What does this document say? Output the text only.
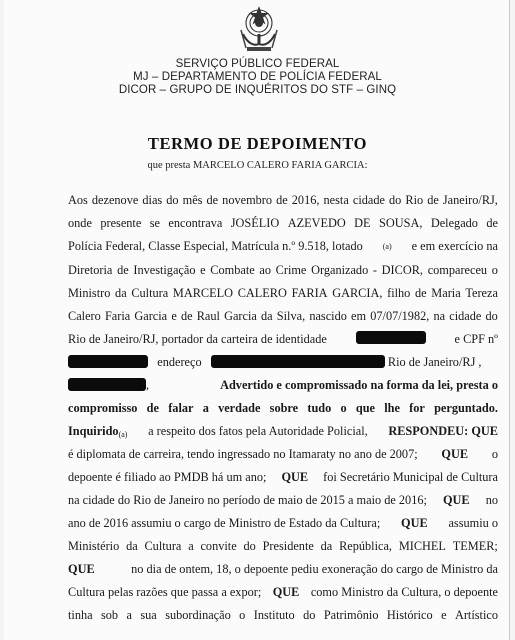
SERVIÇO PÚBLICO FEDERAL
MJ – DEPARTAMENTO DE POLÍCIA FEDERAL
DICOR – GRUPO DE INQUÉRITOS DO STF – GINQ
TERMO DE DEPOIMENTO
que presta MARCELO CALERO FARIA GARCIA:
Aos dezenove dias do mês de novembro de 2016, nesta cidade do Rio de Janeiro/RJ,
onde presente se encontrava JOSÉLIO AZEVEDO DE SOUSA, Delegado de
Polícia Federal, Classe Especial, Matrícula n.º 9.518, lotado (a) e em exercício na
Diretoria de Investigação e Combate ao Crime Organizado - DICOR, compareceu o
Ministro da Cultura MARCELO CALERO FARIA GARCIA, filho de Maria Tereza
Calero Faria Garcia e de Raul Garcia da Silva, nascido em 07/07/1982, na cidade do
Rio de Janeiro/RJ, portador da carteira de identidade	e CPF nº
endereço	Rio de Janeiro/RJ ,
,	Advertido e compromissado na forma da lei, presta o
compromisso de falar a verdade sobre tudo o que lhe for perguntado.
Inquirido$_{(a)}$ a respeito dos fatos pela Autoridade Policial, RESPONDEU: QUE
é diplomata de carreira, tendo ingressado no Itamaraty no ano de 2007; QUE o
depoente é filiado ao PMDB há um ano; QUE foi Secretário Municipal de Cultura
na cidade do Rio de Janeiro no período de maio de 2015 a maio de 2016; QUE no
ano de 2016 assumiu o cargo de Ministro de Estado da Cultura; QUE assumiu o
Ministério da Cultura a convite do Presidente da República, MICHEL TEMER;
QUE	no dia de ontem, 18, o depoente pediu exoneração do cargo de Ministro da
Cultura pelas razões que passa a expor; QUE como Ministro da Cultura, o depoente
tinha sob a sua subordinação o Instituto do Patrimônio Histórico e Artístico
